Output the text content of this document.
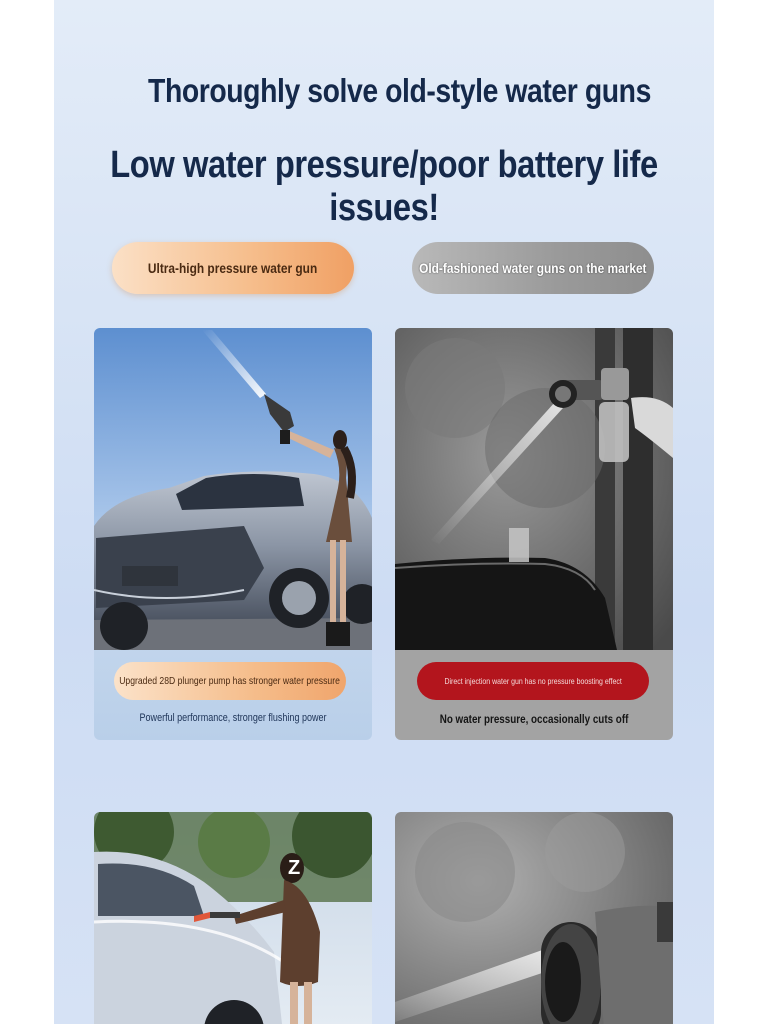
Thoroughly solve old-style water guns
Low water pressure/poor battery life issues!
Ultra-high pressure water gun	Old-fashioned water guns on the market
Upgraded 28D plunger pump has stronger water pressure
Powerful performance, stronger flushing power
Direct injection water gun has no pressure boosting effect
No water pressure, occasionally cuts off
Z
